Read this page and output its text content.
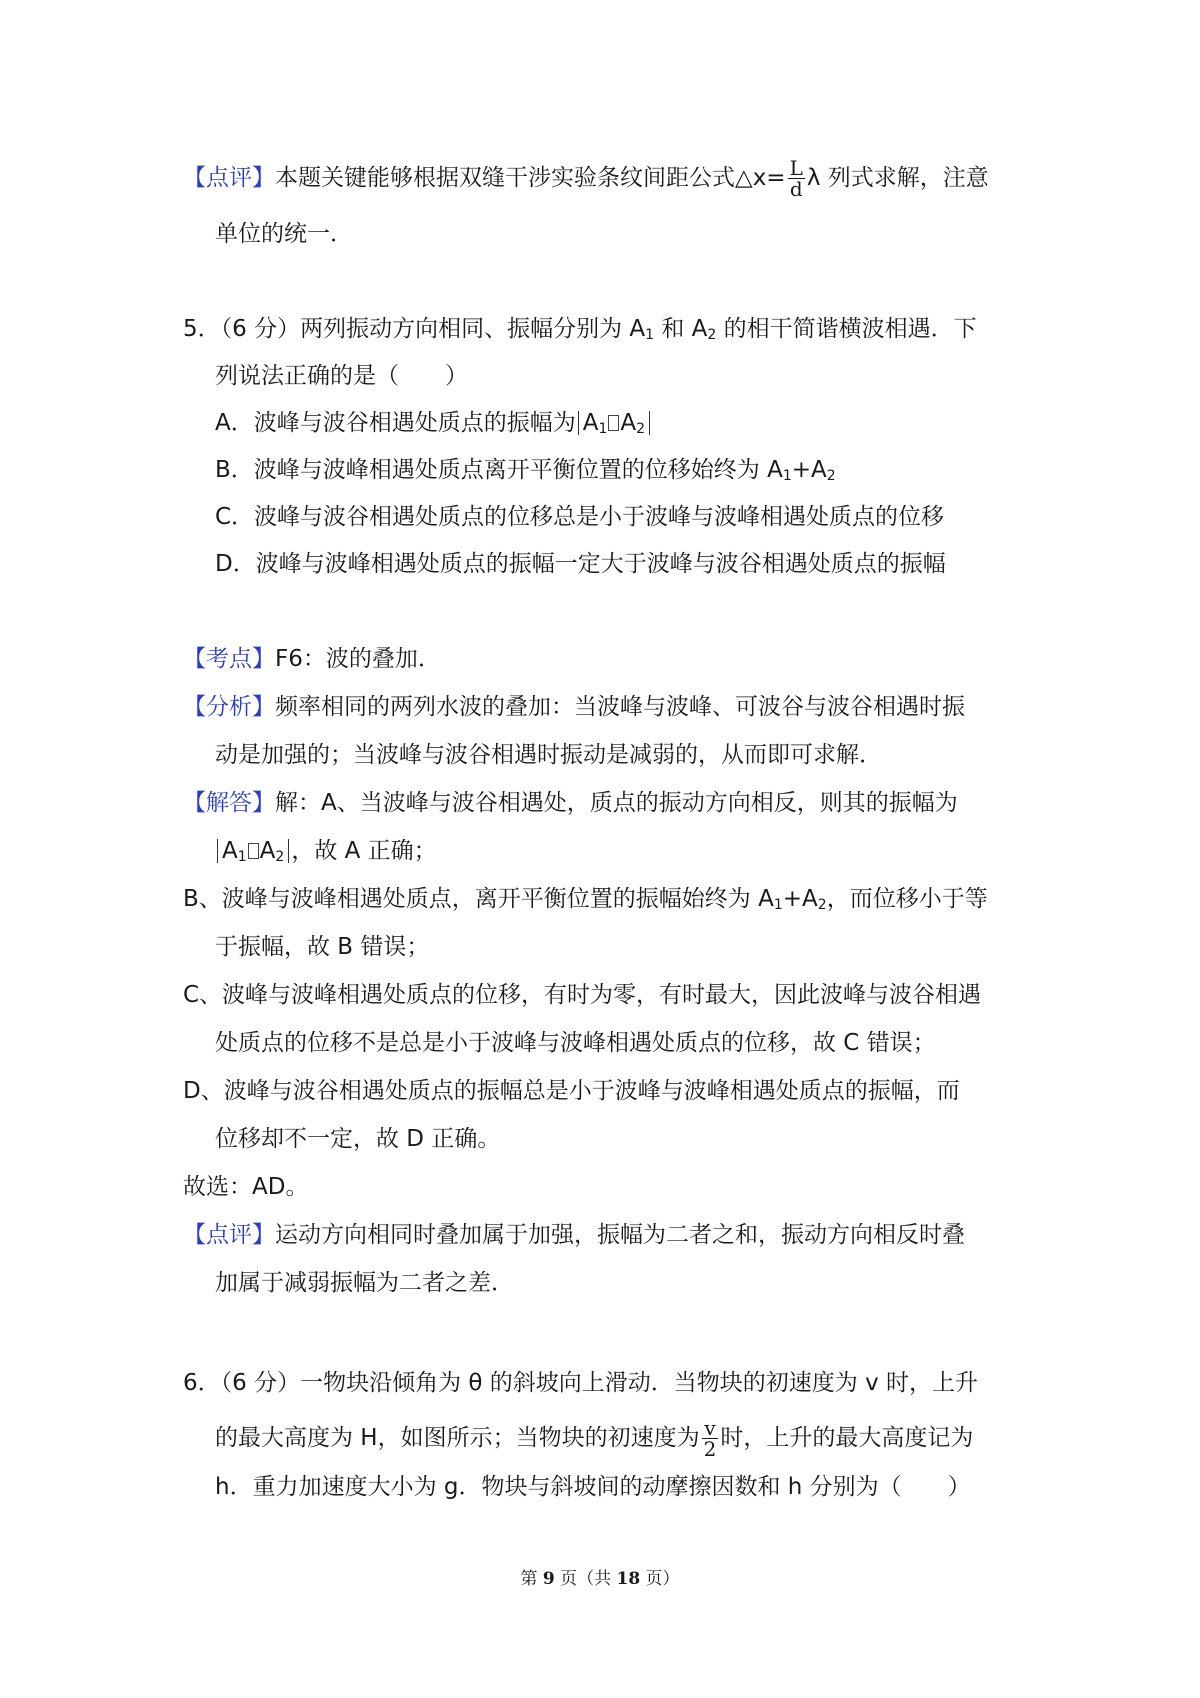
【点评】本题关键能够根据双缝干涉实验条纹间距公式△x= $\frac{L}{d}$ λ 列式求解，注意
单位的统一．
5．（6 分）两列振动方向相同、振幅分别为 $A_1$ 和 $A_2$ 的相干简谐横波相遇．下
列说法正确的是（　　）
A．波峰与波谷相遇处质点的振幅为 $A_1$ $A_2$
B．波峰与波峰相遇处质点离开平衡位置的位移始终为 $A_1+A_2$
C．波峰与波谷相遇处质点的位移总是小于波峰与波峰相遇处质点的位移
D．波峰与波峰相遇处质点的振幅一定大于波峰与波谷相遇处质点的振幅
【考点】F6：波的叠加．
【分析】频率相同的两列水波的叠加：当波峰与波峰、可波谷与波谷相遇时振
动是加强的；当波峰与波谷相遇时振动是减弱的，从而即可求解．
【解答】解：A、当波峰与波谷相遇处，质点的振动方向相反，则其的振幅为
$A_1$ $A_2$ ，故 A 正确；
B、波峰与波峰相遇处质点，离开平衡位置的振幅始终为 $A_1+A_2$，而位移小于等
于振幅，故 B 错误；
C、波峰与波峰相遇处质点的位移，有时为零，有时最大，因此波峰与波谷相遇
处质点的位移不是总是小于波峰与波峰相遇处质点的位移，故 C 错误；
D、波峰与波谷相遇处质点的振幅总是小于波峰与波峰相遇处质点的振幅，而
位移却不一定，故 D 正确。
故选：AD。
【点评】运动方向相同时叠加属于加强，振幅为二者之和，振动方向相反时叠
加属于减弱振幅为二者之差．
6．（6 分）一物块沿倾角为 θ 的斜坡向上滑动．当物块的初速度为 v 时，上升
的最大高度为 H，如图所示；当物块的初速度为 $\frac{v}{2}$ 时，上升的最大高度记为
h．重力加速度大小为 g．物块与斜坡间的动摩擦因数和 h 分别为（　　）
第 9 页（共 18 页）
